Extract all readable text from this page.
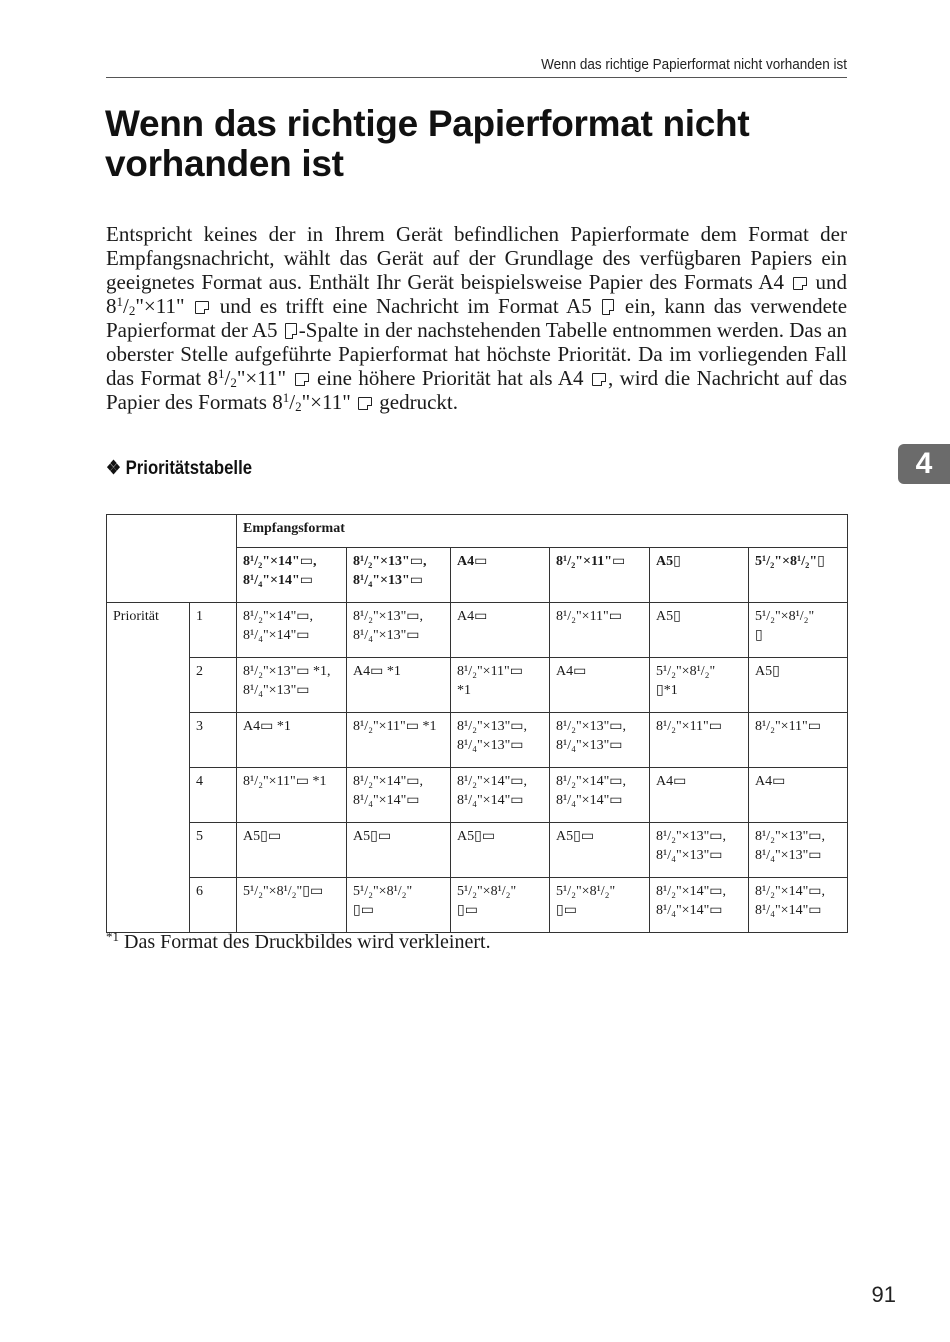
Wenn das richtige Papierformat nicht vorhanden ist
Wenn das richtige Papierformat nicht vorhanden ist

Entspricht keines der in Ihrem Gerät befindlichen Papierformate dem Format der Empfangsnachricht, wählt das Gerät auf der Grundlage des verfügbaren Papiers ein geeignetes Format aus. Enthält Ihr Gerät beispielsweise Papier des Formats A4 und $8^1/2"\times 11$" und es trifft eine Nachricht im Format A5 ein, kann das verwendete Papierformat der A5 -Spalte in der nachstehenden Tabelle entnommen werden. Das an oberster Stelle aufgeführte Papierformat hat höchste Priorität. Da im vorliegenden Fall das Format $8^1/2"\times 11$" eine höhere Priorität hat als A4 , wird die Nachricht auf das Papier des Formats $8^1/2"\times 11$" gedruckt.

❖ Prioritätstabelle	4
		Empfangsformat					
		8¹/₂"×14"▭,
8¹/₄"×14"▭	8¹/₂"×13"▭,
8¹/₄"×13"▭	A4▭	8¹/₂"×11"▭	A5▯	5¹/₂"×8¹/₂"▯
Priorität	1	8¹/₂"×14"▭,
8¹/₄"×14"▭	8¹/₂"×13"▭,
8¹/₄"×13"▭	A4▭	8¹/₂"×11"▭	A5▯	5¹/₂"×8¹/₂"
▯
	2	8¹/₂"×13"▭ *1,
8¹/₄"×13"▭	A4▭ *1	8¹/₂"×11"▭
*1	A4▭	5¹/₂"×8¹/₂"
▯*1	A5▯
	3	A4▭ *1	8¹/₂"×11"▭ *1	8¹/₂"×13"▭,
8¹/₄"×13"▭	8¹/₂"×13"▭,
8¹/₄"×13"▭	8¹/₂"×11"▭	8¹/₂"×11"▭
	4	8¹/₂"×11"▭ *1	8¹/₂"×14"▭,
8¹/₄"×14"▭	8¹/₂"×14"▭,
8¹/₄"×14"▭	8¹/₂"×14"▭,
8¹/₄"×14"▭	A4▭	A4▭
	5	A5▯▭	A5▯▭	A5▯▭	A5▯▭	8¹/₂"×13"▭,
8¹/₄"×13"▭	8¹/₂"×13"▭,
8¹/₄"×13"▭
	6	5¹/₂"×8¹/₂"▯▭	5¹/₂"×8¹/₂"
▯▭	5¹/₂"×8¹/₂"
▯▭	5¹/₂"×8¹/₂"
▯▭	8¹/₂"×14"▭,
8¹/₄"×14"▭	8¹/₂"×14"▭,
8¹/₄"×14"▭

$^{*1}$ Das Format des Druckbildes wird verkleinert.

91
